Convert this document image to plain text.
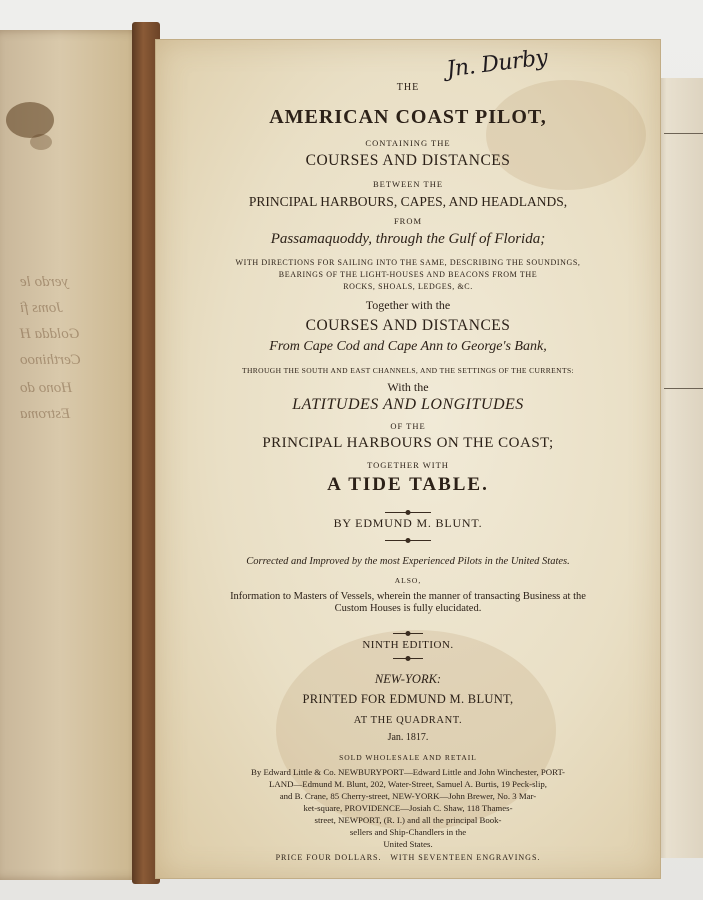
yerdo le
Joms fi
Goldda H
Certhinoo
Hono do
Estroma
Jn. Durby
THE
AMERICAN COAST PILOT,
CONTAINING THE
COURSES AND DISTANCES
BETWEEN THE
PRINCIPAL HARBOURS, CAPES, AND HEADLANDS,
FROM
Passamaquoddy, through the Gulf of Florida;
WITH DIRECTIONS FOR SAILING INTO THE SAME, DESCRIBING THE SOUNDINGS,
BEARINGS OF THE LIGHT-HOUSES AND BEACONS FROM THE
ROCKS, SHOALS, LEDGES, &C.
Together with the
COURSES AND DISTANCES
From Cape Cod and Cape Ann to George's Bank,
THROUGH THE SOUTH AND EAST CHANNELS, AND THE SETTINGS OF THE CURRENTS:
With the
LATITUDES AND LONGITUDES
OF THE
PRINCIPAL HARBOURS ON THE COAST;
TOGETHER WITH
A TIDE TABLE.
BY EDMUND M. BLUNT.
Corrected and Improved by the most Experienced Pilots in the United States.
ALSO,
Information to Masters of Vessels, wherein the manner of transacting Business at the
Custom Houses is fully elucidated.
NINTH EDITION.
NEW-YORK:
PRINTED FOR EDMUND M. BLUNT,
AT THE QUADRANT.
Jan. 1817.
SOLD WHOLESALE AND RETAIL
By Edward Little & Co. NEWBURYPORT—Edward Little and John Winchester, PORT-
LAND—Edmund M. Blunt, 202, Water-Street, Samuel A. Burtis, 19 Peck-slip,
and B. Crane, 85 Cherry-street, NEW-YORK—John Brewer, No. 3 Mar-
ket-square, PROVIDENCE—Josiah C. Shaw, 118 Thames-
street, NEWPORT, (R. I.) and all the principal Book-
sellers and Ship-Chandlers in the
United States.
PRICE FOUR DOLLARS.   WITH SEVENTEEN ENGRAVINGS.
